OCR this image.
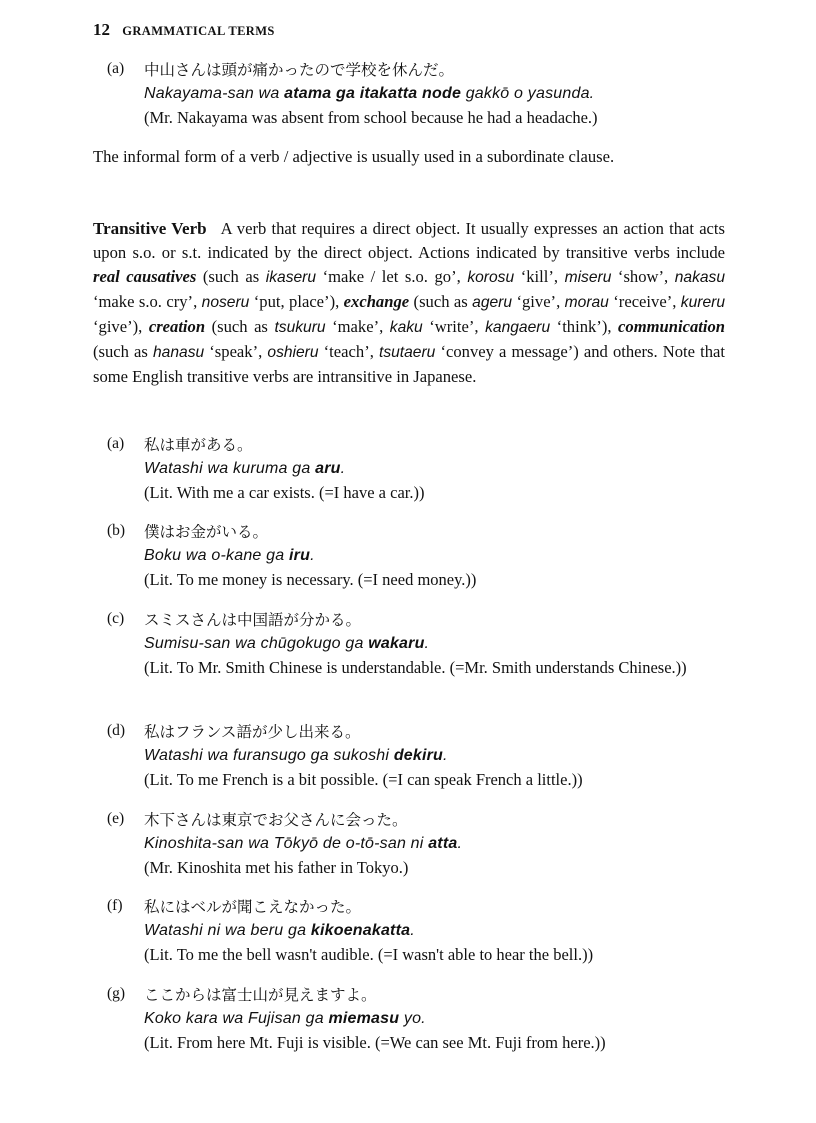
12 GRAMMATICAL TERMS
(a) 中山さんは頭が痛かったので学校を休んだ。
Nakayama-san wa atama ga itakatta node gakkō o yasunda.
(Mr. Nakayama was absent from school because he had a headache.)
The informal form of a verb / adjective is usually used in a subordinate clause.
Transitive Verb A verb that requires a direct object. It usually expresses an action that acts upon s.o. or s.t. indicated by the direct object. Actions indicated by transitive verbs include real causatives (such as ikaseru ‘make / let s.o. go’, korosu ‘kill’, miseru ‘show’, nakasu ‘make s.o. cry’, noseru ‘put, place’), exchange (such as ageru ‘give’, morau ‘receive’, kureru ‘give’), creation (such as tsukuru ‘make’, kaku ‘write’, kangaeru ‘think’), communication (such as hanasu ‘speak’, oshieru ‘teach’, tsutaeru ‘convey a message’) and others. Note that some English transitive verbs are intransitive in Japanese.
(a) 私は車がある。
Watashi wa kuruma ga aru.
(Lit. With me a car exists. (=I have a car.))
(b) 僕はお金がいる。
Boku wa o-kane ga iru.
(Lit. To me money is necessary. (=I need money.))
(c) スミスさんは中国語が分かる。
Sumisu-san wa chūgokugo ga wakaru.
(Lit. To Mr. Smith Chinese is understandable. (=Mr. Smith understands Chinese.))
(d) 私はフランス語が少し出来る。
Watashi wa furansugo ga sukoshi dekiru.
(Lit. To me French is a bit possible. (=I can speak French a little.))
(e) 木下さんは東京でお父さんに会った。
Kinoshita-san wa Tōkyō de o-tō-san ni atta.
(Mr. Kinoshita met his father in Tokyo.)
(f) 私にはベルが聞こえなかった。
Watashi ni wa beru ga kikoenakatta.
(Lit. To me the bell wasn't audible. (=I wasn't able to hear the bell.))
(g) ここからは富士山が見えますよ。
Koko kara wa Fujisan ga miemasu yo.
(Lit. From here Mt. Fuji is visible. (=We can see Mt. Fuji from here.))
